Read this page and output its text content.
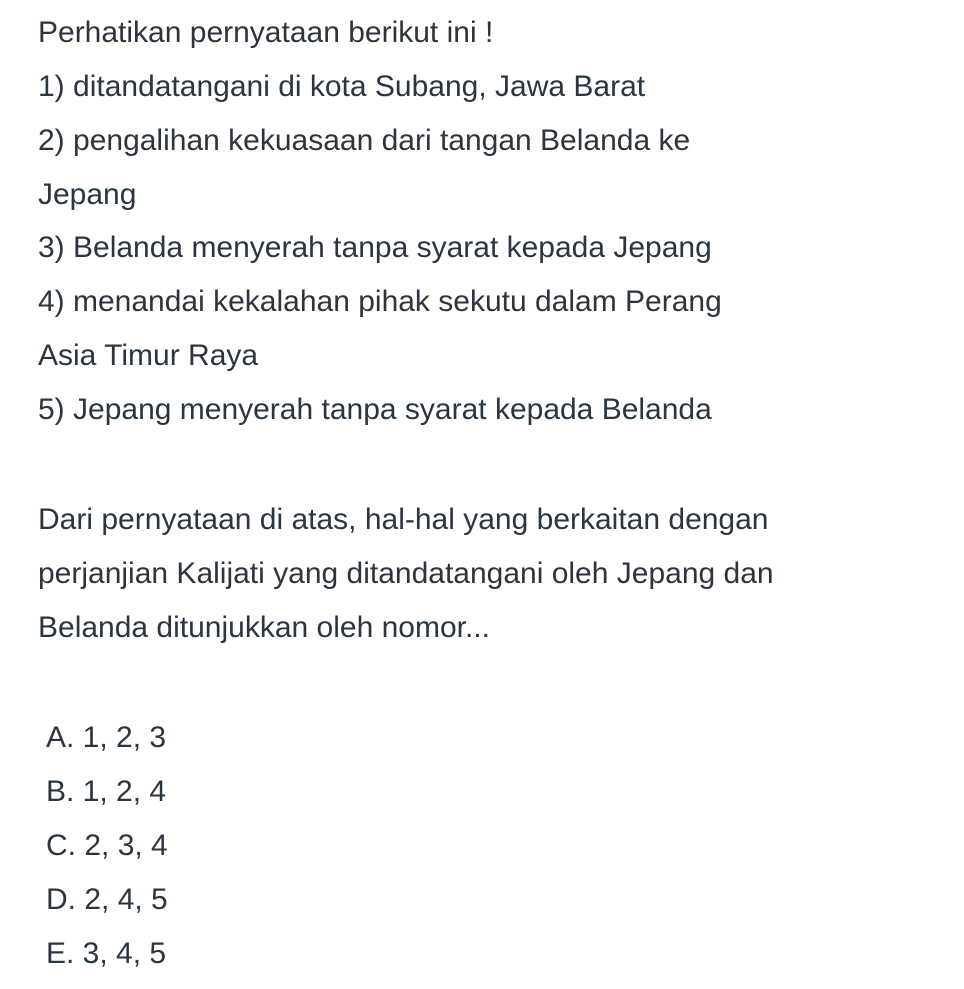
Perhatikan pernyataan berikut ini !
1) ditandatangani di kota Subang, Jawa Barat
2) pengalihan kekuasaan dari tangan Belanda ke
Jepang
3) Belanda menyerah tanpa syarat kepada Jepang
4) menandai kekalahan pihak sekutu dalam Perang
Asia Timur Raya
5) Jepang menyerah tanpa syarat kepada Belanda
Dari pernyataan di atas, hal-hal yang berkaitan dengan
perjanjian Kalijati yang ditandatangani oleh Jepang dan
Belanda ditunjukkan oleh nomor...
A. 1, 2, 3
B. 1, 2, 4
C. 2, 3, 4
D. 2, 4, 5
E. 3, 4, 5
